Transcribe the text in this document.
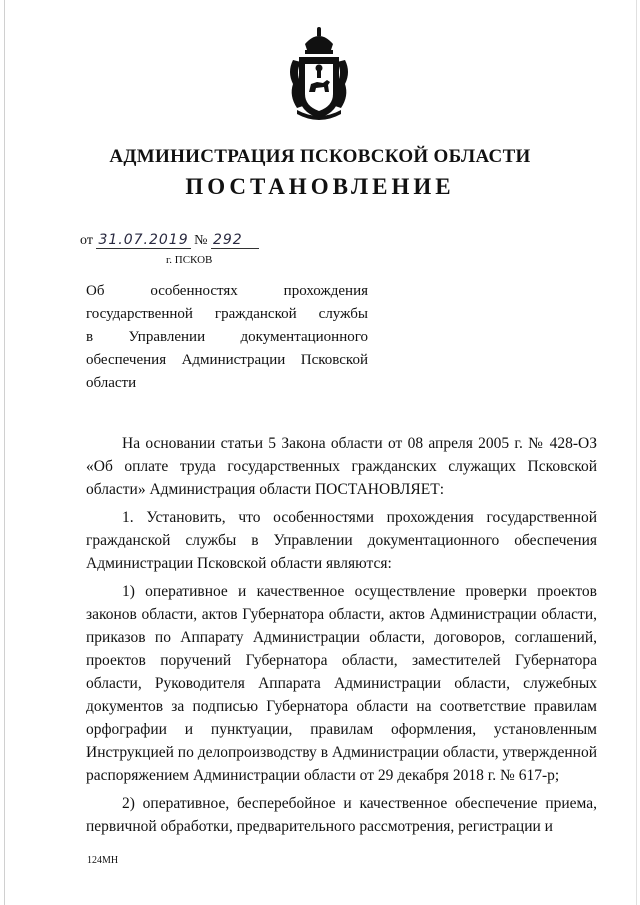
АДМИНИСТРАЦИЯ ПСКОВСКОЙ ОБЛАСТИ
ПОСТАНОВЛЕНИЕ
от 31.07.2019 № 292
г. ПСКОВ
Об особенностях прохождения
государственной гражданской службы
в Управлении документационного
обеспечения Администрации Псковской
области

На основании статьи 5 Закона области от 08 апреля 2005 г. № 428-ОЗ «Об оплате труда государственных гражданских служащих Псковской области» Администрация области ПОСТАНОВЛЯЕТ:

1. Установить, что особенностями прохождения государственной гражданской службы в Управлении документационного обеспечения Администрации Псковской области являются:

1) оперативное и качественное осуществление проверки проектов законов области, актов Губернатора области, актов Администрации области, приказов по Аппарату Администрации области, договоров, соглашений, проектов поручений Губернатора области, заместителей Губернатора области, Руководителя Аппарата Администрации области, служебных документов за подписью Губернатора области на соответствие правилам орфографии и пунктуации, правилам оформления, установленным Инструкцией по делопроизводству в Администрации области, утвержденной распоряжением Администрации области от 29 декабря 2018 г. № 617-р;

2) оперативное, бесперебойное и качественное обеспечение приема, первичной обработки, предварительного рассмотрения, регистрации и

124МН
